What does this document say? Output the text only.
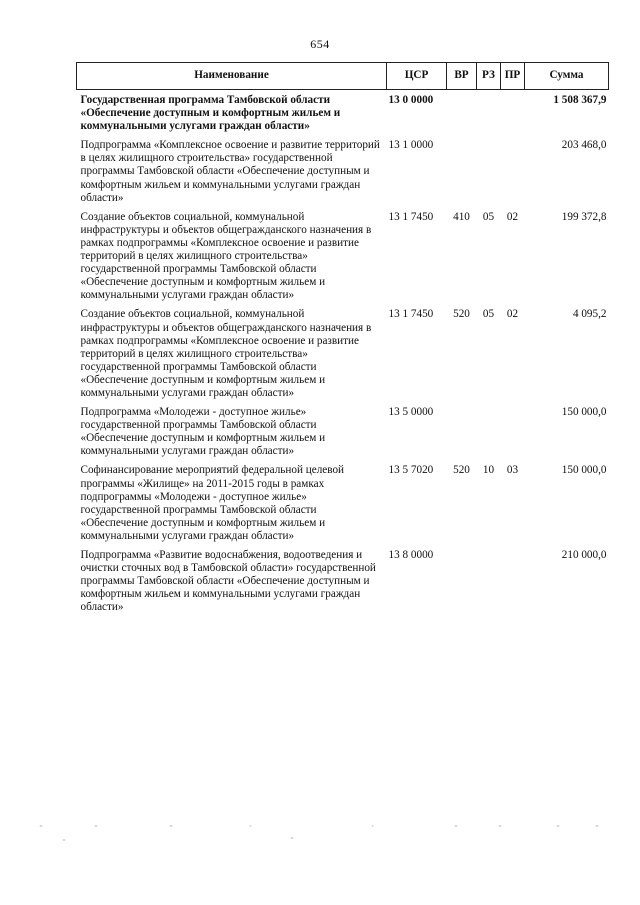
654
Наименование	ЦСР	ВР	РЗ	ПР	Сумма
Государственная программа Тамбовской области «Обеспечение доступным и комфортным жильем и коммунальными услугами граждан области»	13 0 0000				1 508 367,9
Подпрограмма «Комплексное освоение и развитие территорий в целях жилищного строительства» государственной программы Тамбовской области «Обеспечение доступным и комфортным жильем и коммунальными услугами граждан области»	13 1 0000				203 468,0
Создание объектов социальной, коммунальной инфраструктуры и объектов общегражданского назначения в рамках подпрограммы «Комплексное освоение и развитие территорий в целях жилищного строительства» государственной программы Тамбовской области «Обеспечение доступным и комфортным жильем и коммунальными услугами граждан области»	13 1 7450	410	05	02	199 372,8
Создание объектов социальной, коммунальной инфраструктуры и объектов общегражданского назначения в рамках подпрограммы «Комплексное освоение и развитие территорий в целях жилищного строительства» государственной программы Тамбовской области «Обеспечение доступным и комфортным жильем и коммунальными услугами граждан области»	13 1 7450	520	05	02	4 095,2
Подпрограмма «Молодежи - доступное жилье» государственной программы Тамбовской области «Обеспечение доступным и комфортным жильем и коммунальными услугами граждан области»	13 5 0000				150 000,0
Софинансирование мероприятий федеральной целевой программы «Жилище» на 2011-2015 годы в рамках подпрограммы «Молодежи - доступное жилье» государственной программы Тамбовской области «Обеспечение доступным и комфортным жильем и коммунальными услугами граждан области»	13 5 7020	520	10	03	150 000,0
Подпрограмма «Развитие водоснабжения, водоотведения и очистки сточных вод в Тамбовской области» государственной программы Тамбовской области «Обеспечение доступным и комфортным жильем и коммунальными услугами граждан области»	13 8 0000				210 000,0
